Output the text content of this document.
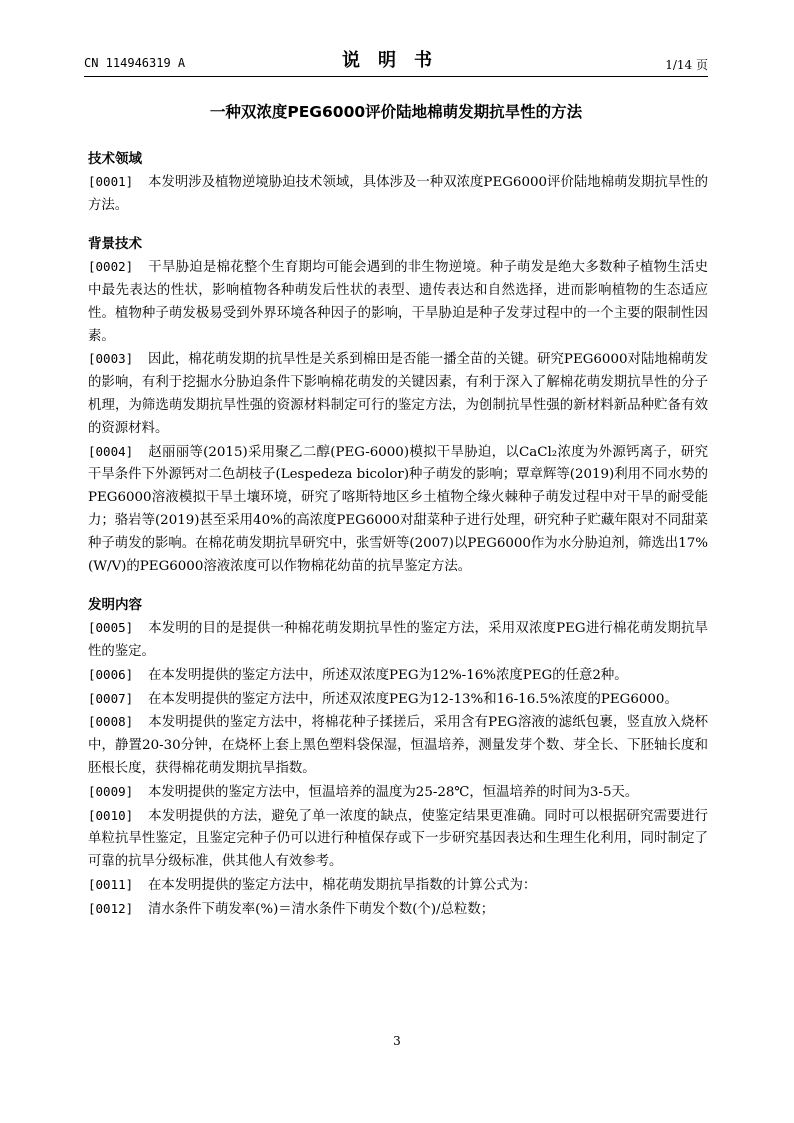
CN 114946319 A	说明书	1/14 页
一种双浓度PEG6000评价陆地棉萌发期抗旱性的方法
技术领域
[0001] 本发明涉及植物逆境胁迫技术领域，具体涉及一种双浓度PEG6000评价陆地棉萌发期抗旱性的方法。
背景技术
[0002] 干旱胁迫是棉花整个生育期均可能会遇到的非生物逆境。种子萌发是绝大多数种子植物生活史中最先表达的性状，影响植物各种萌发后性状的表型、遗传表达和自然选择，进而影响植物的生态适应性。植物种子萌发极易受到外界环境各种因子的影响，干旱胁迫是种子发芽过程中的一个主要的限制性因素。
[0003] 因此，棉花萌发期的抗旱性是关系到棉田是否能一播全苗的关键。研究PEG6000对陆地棉萌发的影响，有利于挖掘水分胁迫条件下影响棉花萌发的关键因素，有利于深入了解棉花萌发期抗旱性的分子机理，为筛选萌发期抗旱性强的资源材料制定可行的鉴定方法，为创制抗旱性强的新材料新品种贮备有效的资源材料。
[0004] 赵丽丽等(2015)采用聚乙二醇(PEG-6000)模拟干旱胁迫，以CaCl₂浓度为外源钙离子，研究干旱条件下外源钙对二色胡枝子(Lespedeza bicolor)种子萌发的影响；覃章辉等(2019)利用不同水势的PEG6000溶液模拟干旱土壤环境，研究了喀斯特地区乡土植物仝缘火棘种子萌发过程中对干旱的耐受能力；骆岩等(2019)甚至采用40%的高浓度PEG6000对甜菜种子进行处理，研究种子贮藏年限对不同甜菜种子萌发的影响。在棉花萌发期抗旱研究中，张雪妍等(2007)以PEG6000作为水分胁迫剂，筛选出17%(W/V)的PEG6000溶液浓度可以作物棉花幼苗的抗旱鉴定方法。
发明内容
[0005] 本发明的目的是提供一种棉花萌发期抗旱性的鉴定方法，采用双浓度PEG进行棉花萌发期抗旱性的鉴定。
[0006] 在本发明提供的鉴定方法中，所述双浓度PEG为12%-16%浓度PEG的任意2种。
[0007] 在本发明提供的鉴定方法中，所述双浓度PEG为12-13%和16-16.5%浓度的PEG6000。
[0008] 本发明提供的鉴定方法中，将棉花种子揉搓后，采用含有PEG溶液的滤纸包裹，竖直放入烧杯中，静置20-30分钟，在烧杯上套上黑色塑料袋保湿，恒温培养，测量发芽个数、芽全长、下胚轴长度和胚根长度，获得棉花萌发期抗旱指数。
[0009] 本发明提供的鉴定方法中，恒温培养的温度为25-28℃，恒温培养的时间为3-5天。
[0010] 本发明提供的方法，避免了单一浓度的缺点，使鉴定结果更准确。同时可以根据研究需要进行单粒抗旱性鉴定，且鉴定完种子仍可以进行种植保存或下一步研究基因表达和生理生化利用，同时制定了可靠的抗旱分级标准，供其他人有效参考。
[0011] 在本发明提供的鉴定方法中，棉花萌发期抗旱指数的计算公式为：
[0012] 清水条件下萌发率(%)＝清水条件下萌发个数(个)/总粒数；
3
